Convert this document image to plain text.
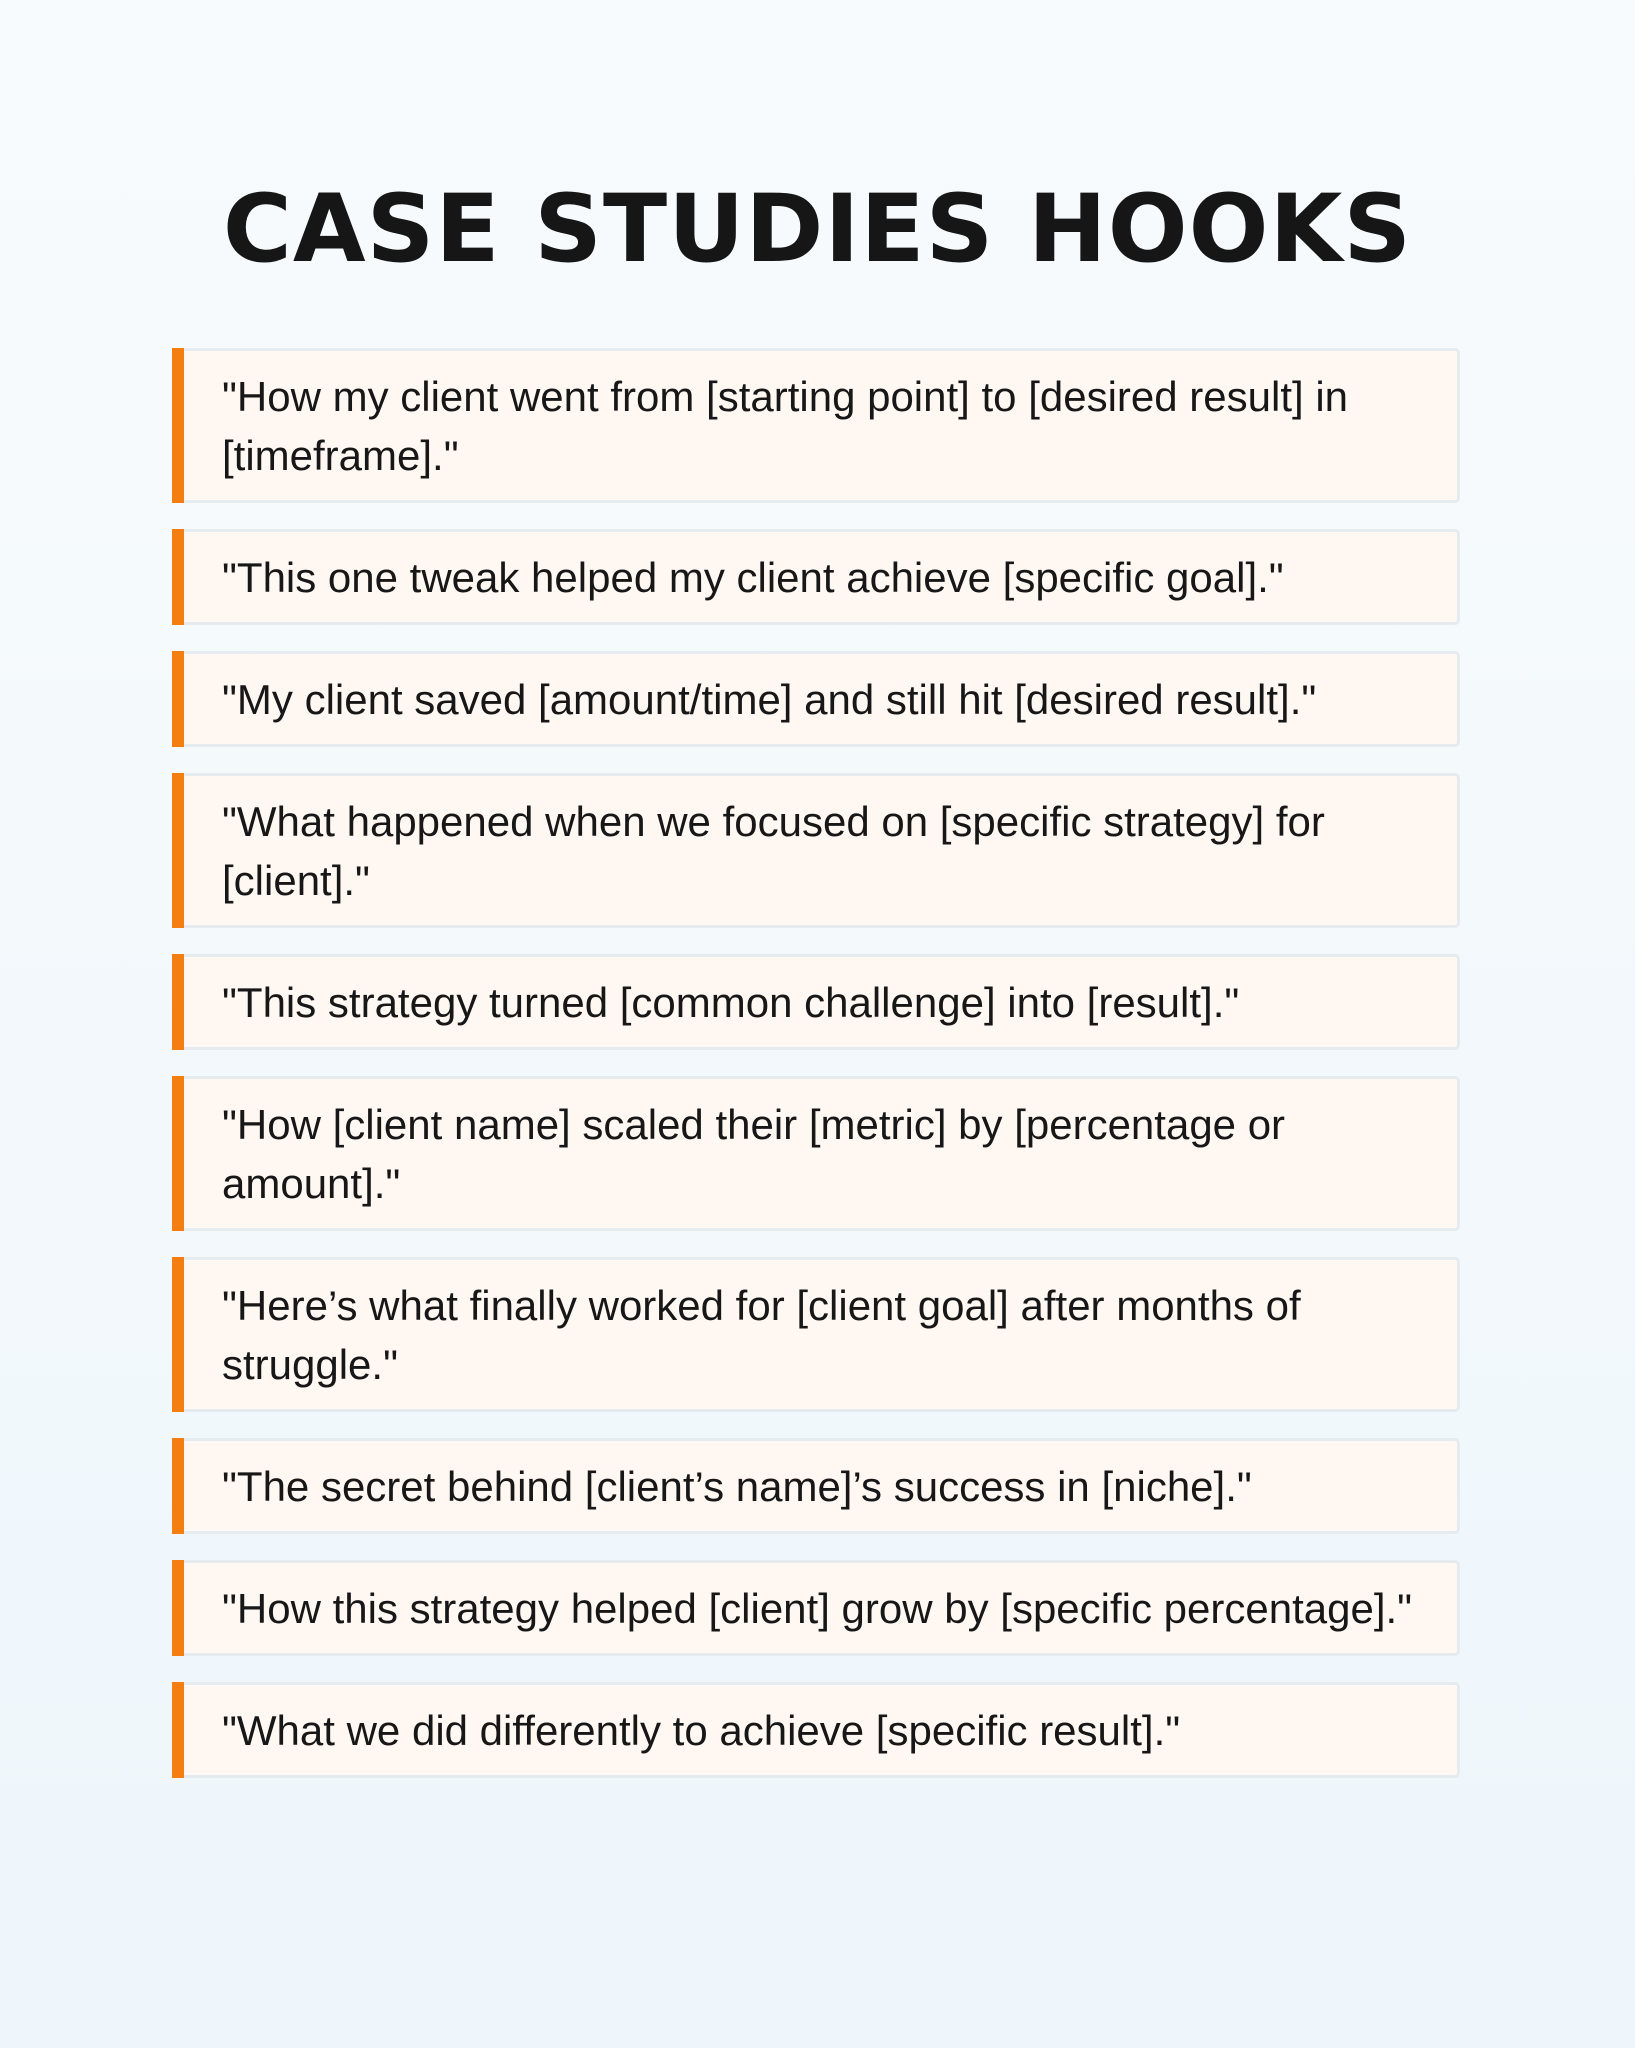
CASE STUDIES HOOKS
"How my client went from [starting point] to [desired result] in [timeframe]."
"This one tweak helped my client achieve [specific goal]."
"My client saved [amount/time] and still hit [desired result]."
"What happened when we focused on [specific strategy] for [client]."
"This strategy turned [common challenge] into [result]."
"How [client name] scaled their [metric] by [percentage or amount]."
"Here’s what finally worked for [client goal] after months of struggle."
"The secret behind [client’s name]’s success in [niche]."
"How this strategy helped [client] grow by [specific percentage]."
"What we did differently to achieve [specific result]."
